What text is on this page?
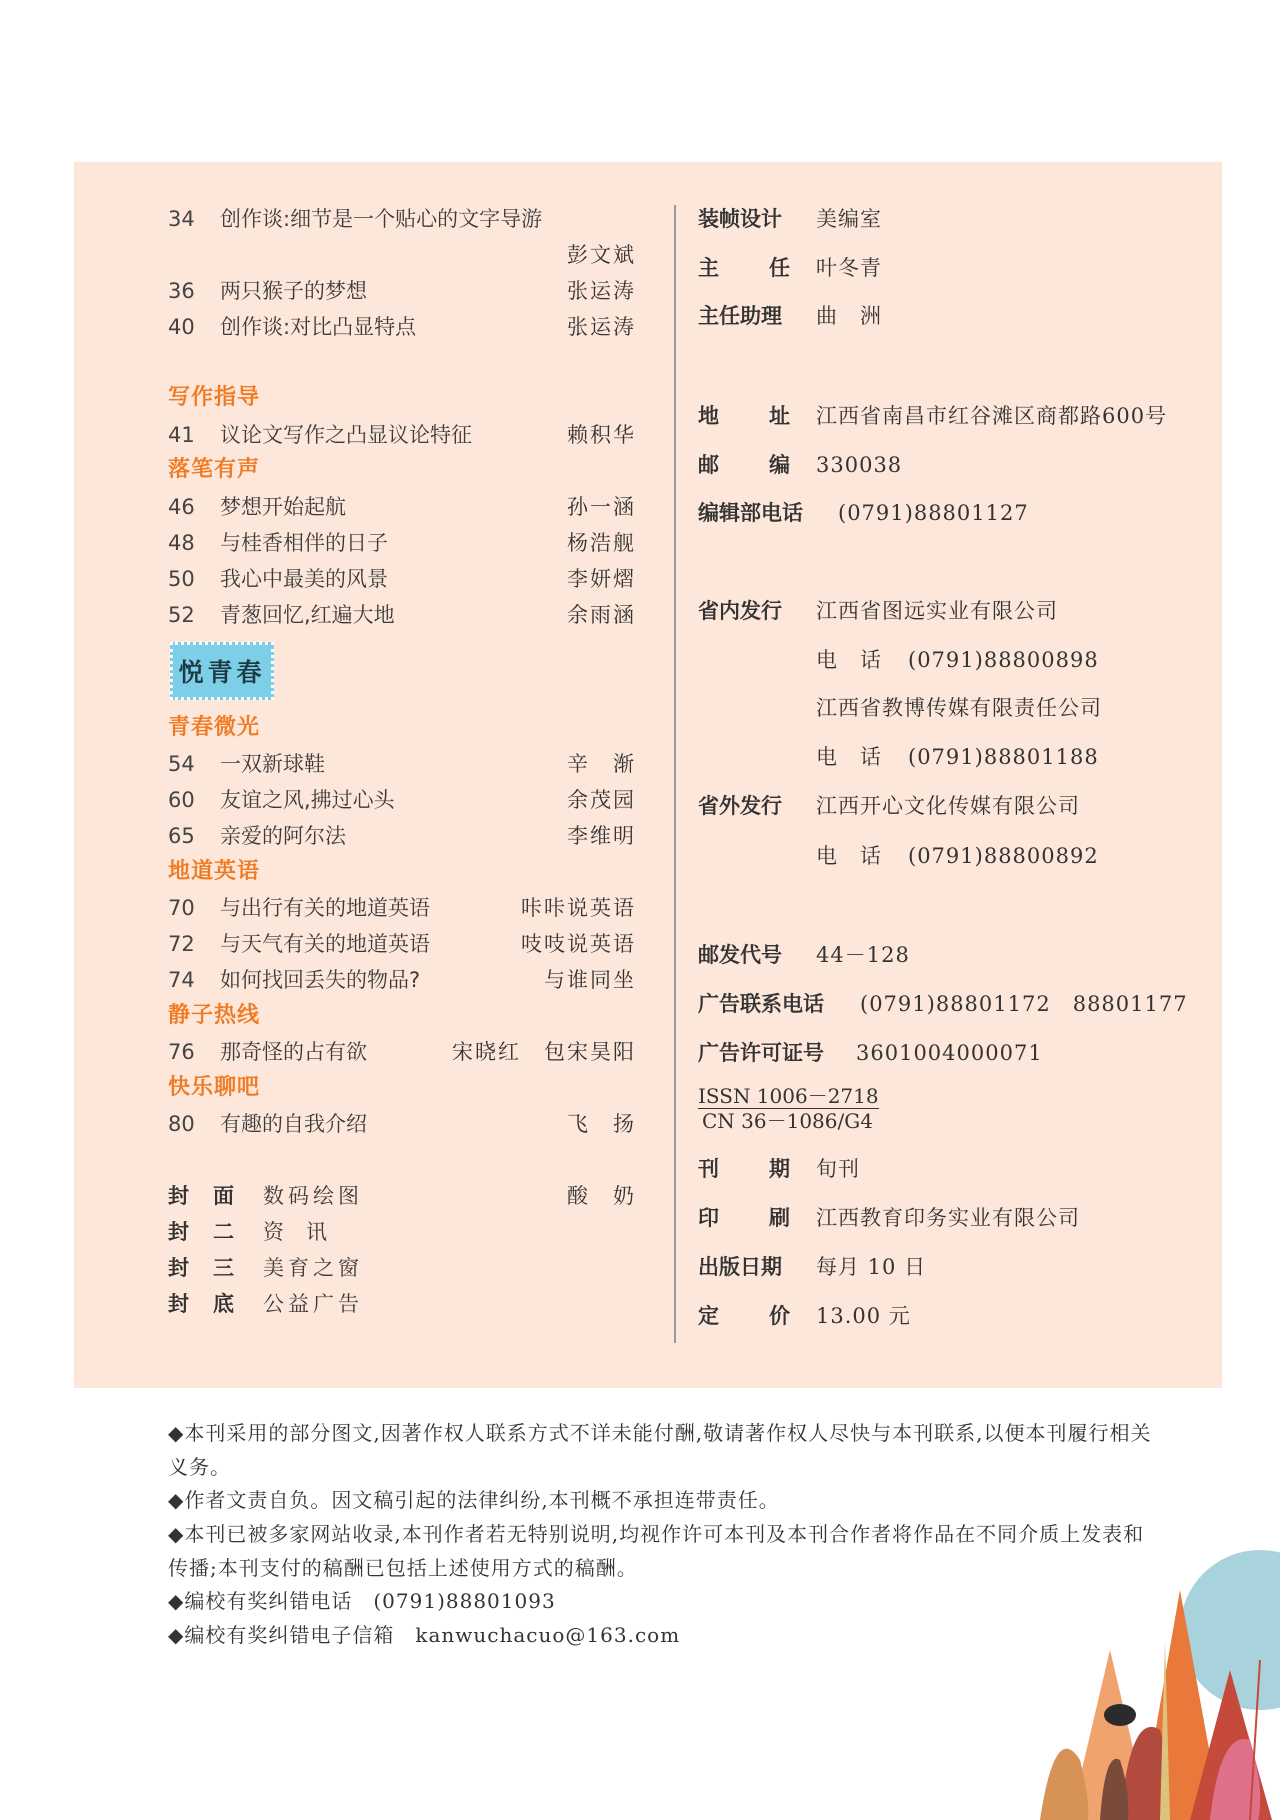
34 创作谈:细节是一个贴心的文字导游
彭文斌
36 两只猴子的梦想	张运涛
40 创作谈:对比凸显特点	张运涛
写作指导
41 议论文写作之凸显议论特征	赖积华
落笔有声
46 梦想开始起航	孙一涵
48 与桂香相伴的日子	杨浩舰
50 我心中最美的风景	李妍熠
52 青葱回忆,红遍大地	余雨涵
悦青春
青春微光
54 一双新球鞋	辛　渐
60 友谊之风,拂过心头	余茂园
65 亲爱的阿尔法	李维明
地道英语
70 与出行有关的地道英语	咔咔说英语
72 与天气有关的地道英语	吱吱说英语
74 如何找回丢失的物品?	与谁同坐
静子热线
76 那奇怪的占有欲	宋晓红　包宋昊阳
快乐聊吧
80 有趣的自我介绍	飞　扬
封面 数码绘图	酸　奶
封二 资讯
封三 美育之窗
封底 公益广告
装帧设计 美编室
主 任 叶冬青
主任助理 曲　洲
地 址 江西省南昌市红谷滩区商都路600号
邮 编 330038
编辑部电话 (0791)88801127
省内发行 江西省图远实业有限公司
电　话 (0791)88800898
江西省教博传媒有限责任公司
电　话 (0791)88801188
省外发行 江西开心文化传媒有限公司
电　话 (0791)88800892
邮发代号 44－128
广告联系电话 (0791)88801172　88801177
广告许可证号 3601004000071
ISSN 1006－2718
CN 36－1086/G4
刊 期 旬刊
印 刷 江西教育印务实业有限公司
出版日期 每月 10 日
定 价 13.00 元
◆本刊采用的部分图文,因著作权人联系方式不详未能付酬,敬请著作权人尽快与本刊联系,以便本刊履行相关义务。
◆作者文责自负。因文稿引起的法律纠纷,本刊概不承担连带责任。
◆本刊已被多家网站收录,本刊作者若无特别说明,均视作许可本刊及本刊合作者将作品在不同介质上发表和传播;本刊支付的稿酬已包括上述使用方式的稿酬。
◆编校有奖纠错电话　(0791)88801093
◆编校有奖纠错电子信箱　kanwuchacuo@163.com
